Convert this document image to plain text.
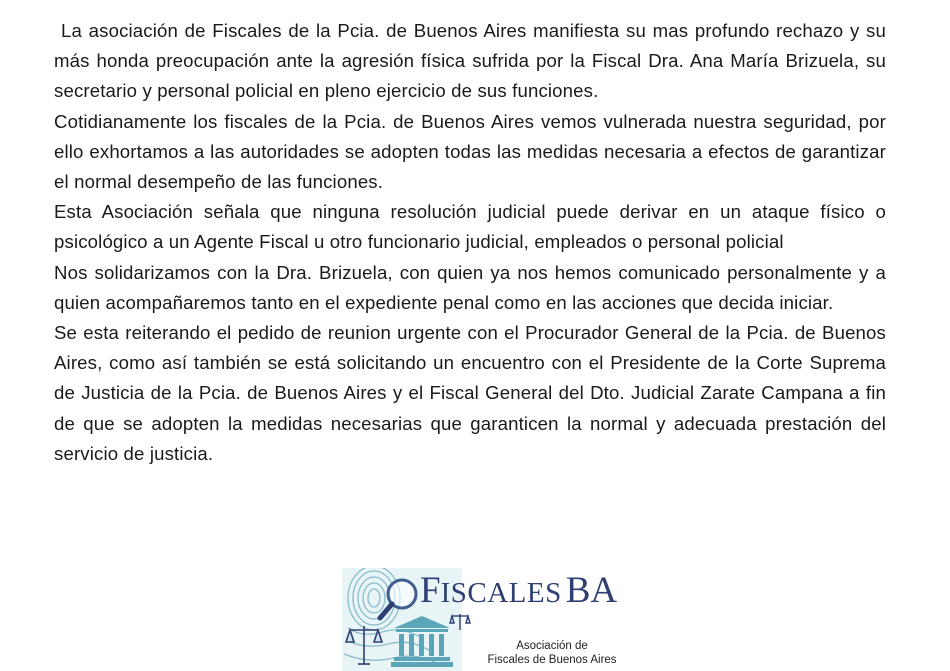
La asociación de Fiscales de la Pcia. de Buenos Aires manifiesta su mas profundo rechazo y su más honda preocupación ante la agresión física sufrida por la Fiscal Dra. Ana María Brizuela, su secretario y personal policial en pleno ejercicio de sus funciones.

Cotidianamente los fiscales de la Pcia. de Buenos Aires vemos vulnerada nuestra seguridad, por ello exhortamos a las autoridades se adopten todas las medidas necesaria a efectos de garantizar el normal desempeño de las funciones.

Esta Asociación señala que ninguna resolución judicial puede derivar en un ataque físico o psicológico a un Agente Fiscal u otro funcionario judicial, empleados o personal policial

Nos solidarizamos con la Dra. Brizuela, con quien ya nos hemos comunicado personalmente y a quien acompañaremos tanto en el expediente penal como en las acciones que decida iniciar.

Se esta reiterando el pedido de reunion urgente con el Procurador General de la Pcia. de Buenos Aires, como así también se está solicitando un encuentro con el Presidente de la Corte Suprema de Justicia de la Pcia. de Buenos Aires y el Fiscal General del Dto. Judicial Zarate Campana a fin de que se adopten la medidas necesarias que garanticen la normal y adecuada prestación del servicio de justicia.

FISCALES BA
Asociación de
Fiscales de Buenos Aires
